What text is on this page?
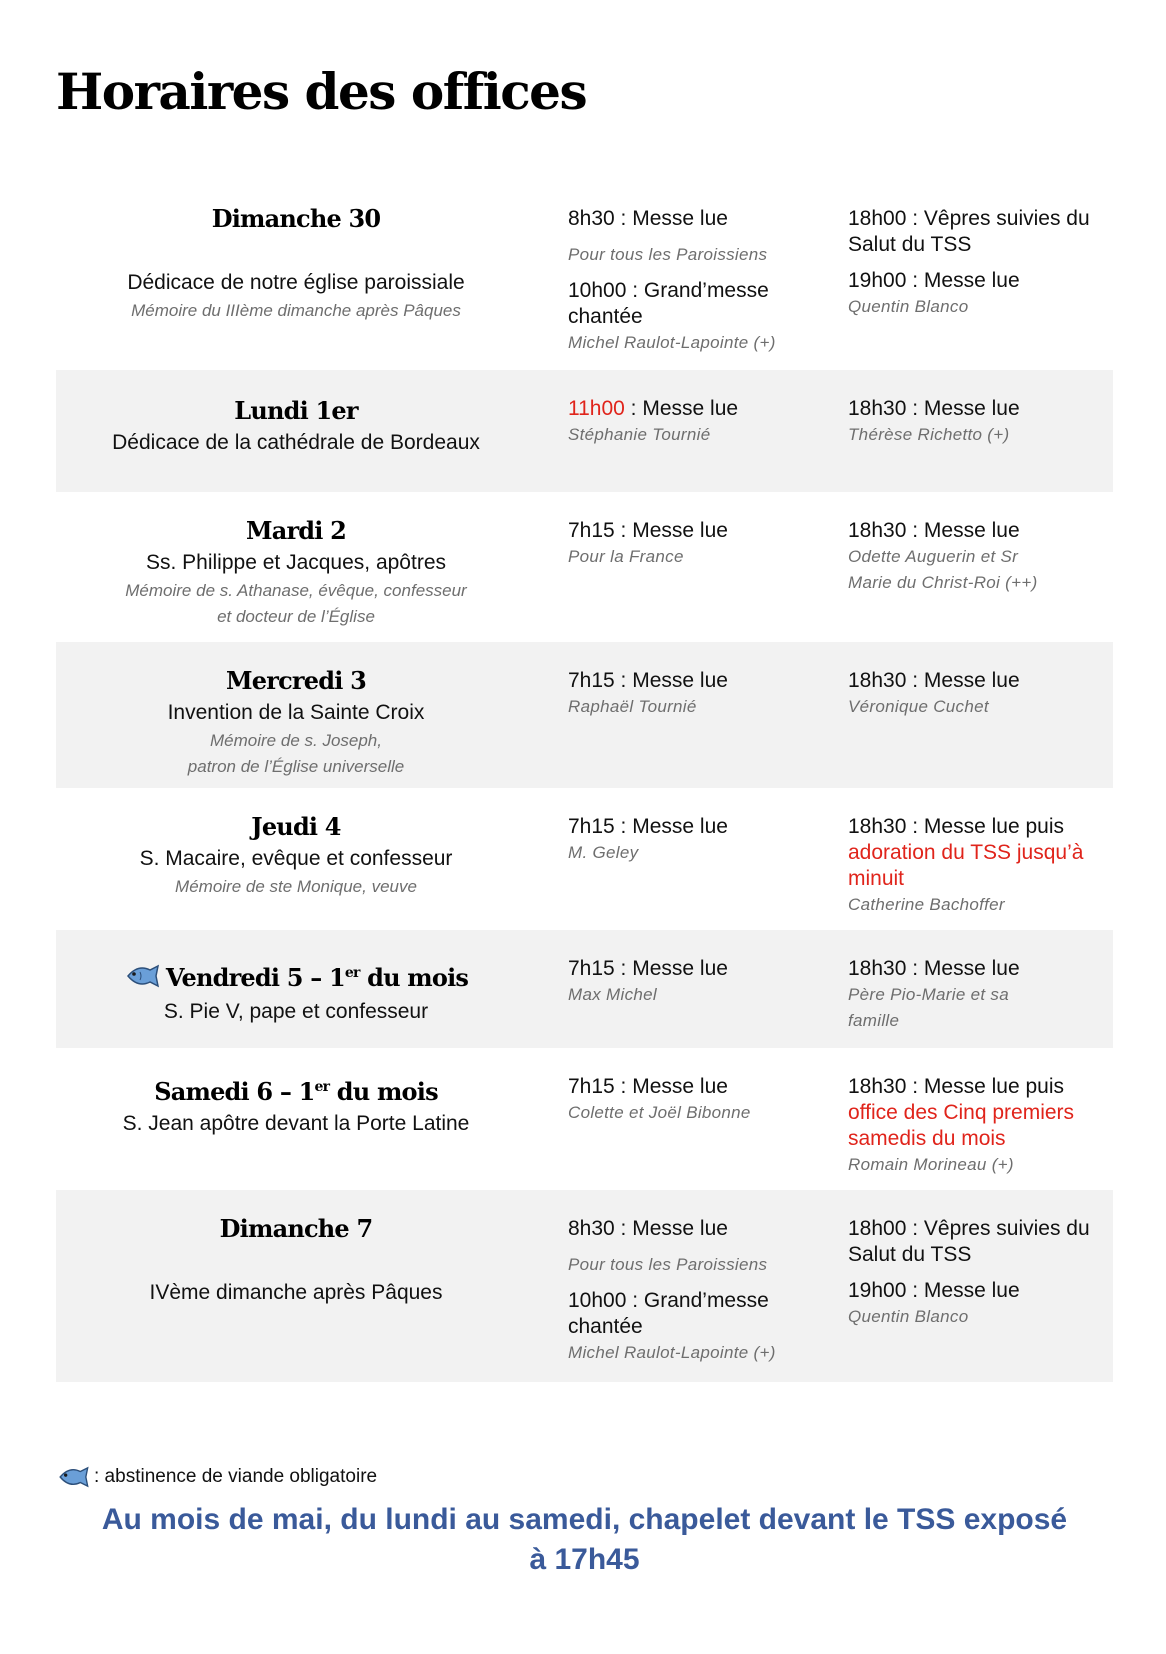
Horaires des offices
Dimanche 30
Dédicace de notre église paroissiale
Mémoire du IIIème dimanche après Pâques
8h30 : Messe lue
Pour tous les Paroissiens
10h00 : Grand’messe chantée
Michel Raulot-Lapointe (+)
18h00 : Vêpres suivies du Salut du TSS
19h00 : Messe lue
Quentin Blanco
Lundi 1er
Dédicace de la cathédrale de Bordeaux
11h00 : Messe lue
Stéphanie Tournié
18h30 : Messe lue
Thérèse Richetto (+)
Mardi 2
Ss. Philippe et Jacques, apôtres
Mémoire de s. Athanase, évêque, confesseur
et docteur de l’Église
7h15 : Messe lue
Pour la France
18h30 : Messe lue
Odette Auguerin et Sr
Marie du Christ-Roi (++)
Mercredi 3
Invention de la Sainte Croix
Mémoire de s. Joseph,
patron de l’Église universelle
7h15 : Messe lue
Raphaël Tournié
18h30 : Messe lue
Véronique Cuchet
Jeudi 4
S. Macaire, evêque et confesseur
Mémoire de ste Monique, veuve
7h15 : Messe lue
M. Geley
18h30 : Messe lue puis adoration du TSS jusqu’à minuit
Catherine Bachoffer
Vendredi 5 – 1er du mois
S. Pie V, pape et confesseur
7h15 : Messe lue
Max Michel
18h30 : Messe lue
Père Pio-Marie et sa
famille
Samedi 6 – 1er du mois
S. Jean apôtre devant la Porte Latine
7h15 : Messe lue
Colette et Joël Bibonne
18h30 : Messe lue puis office des Cinq premiers samedis du mois
Romain Morineau (+)
Dimanche 7
IVème dimanche après Pâques
8h30 : Messe lue
Pour tous les Paroissiens
10h00 : Grand’messe chantée
Michel Raulot-Lapointe (+)
18h00 : Vêpres suivies du Salut du TSS
19h00 : Messe lue
Quentin Blanco
: abstinence de viande obligatoire
Au mois de mai, du lundi au samedi, chapelet devant le TSS exposé
à 17h45
